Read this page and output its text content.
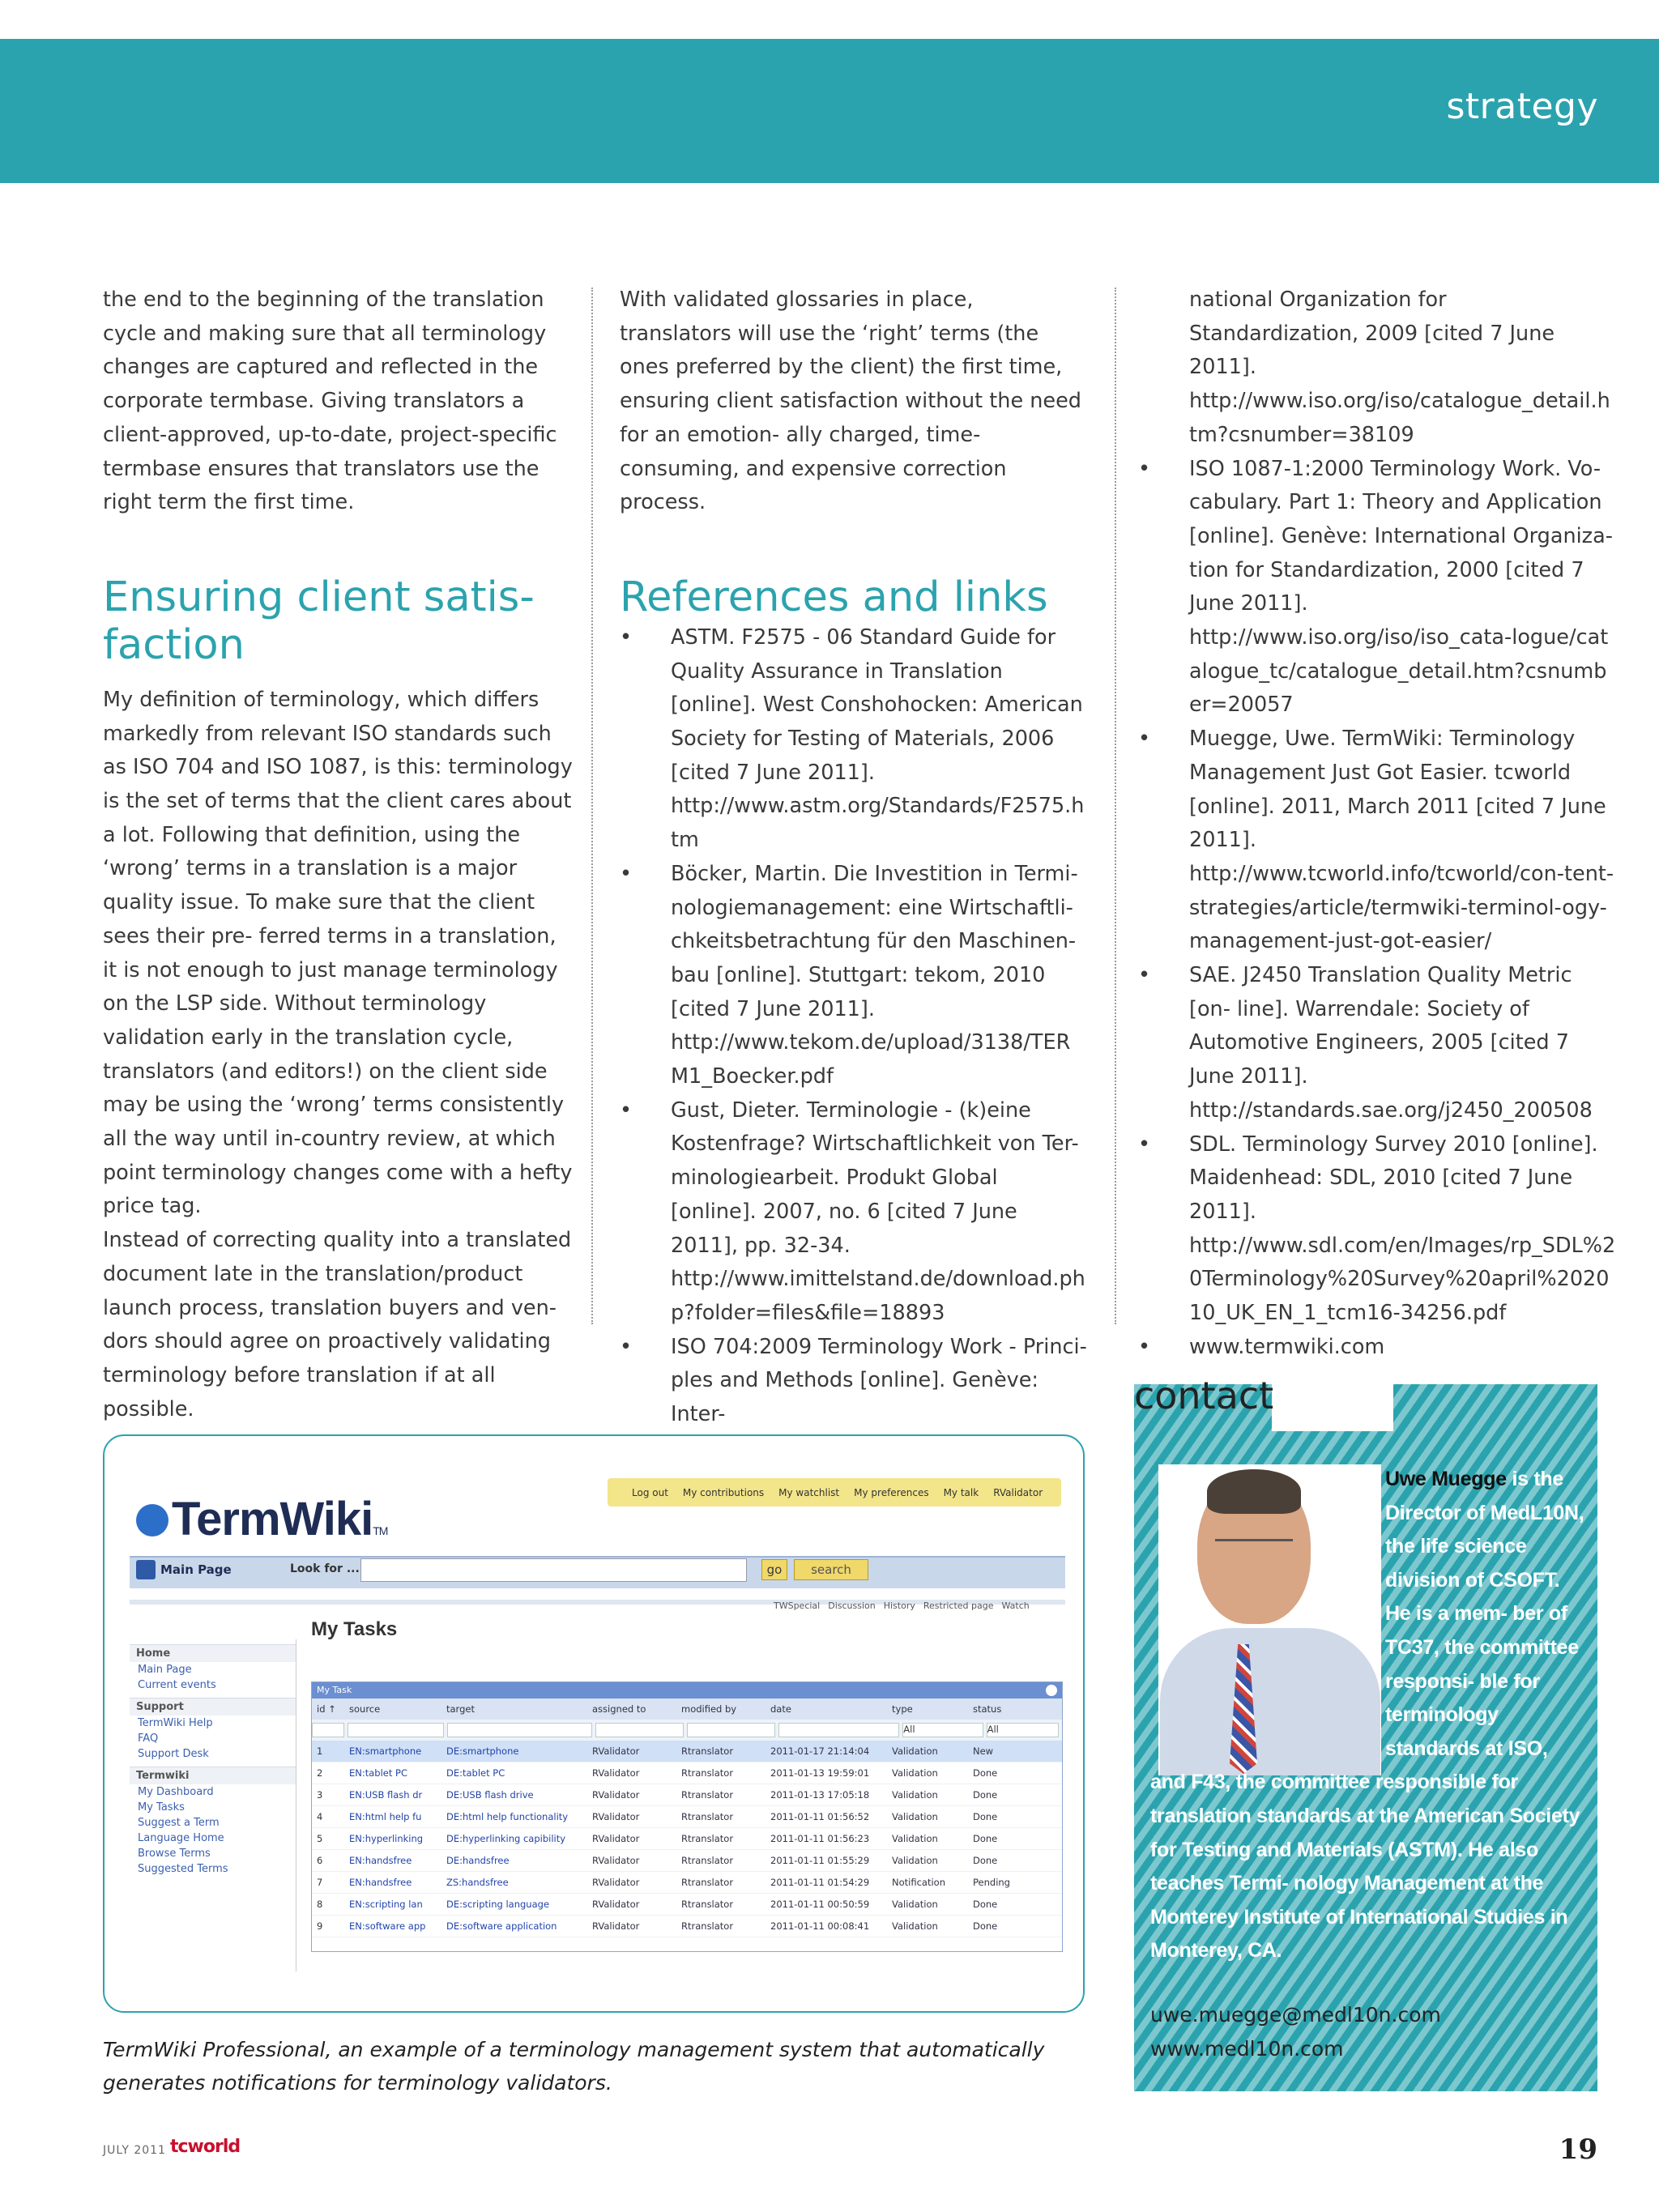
strategy

the end to the beginning of the translation cycle and making sure that all terminology changes are captured and reflected in the corporate termbase. Giving translators a client-approved, up-to-date, project-specific termbase ensures that translators use the right term the first time.

Ensuring client satis- faction

My definition of terminology, which differs markedly from relevant ISO standards such as ISO 704 and ISO 1087, is this: terminology is the set of terms that the client cares about a lot. Following that definition, using the ‘wrong’ terms in a translation is a major quality issue. To make sure that the client sees their pre- ferred terms in a translation, it is not enough to just manage terminology on the LSP side. Without terminology validation early in the translation cycle, translators (and editors!) on the client side may be using the ‘wrong’ terms consistently all the way until in-country review, at which point terminology changes come with a hefty price tag.

Instead of correcting quality into a translated document late in the translation/product launch process, translation buyers and ven- dors should agree on proactively validating terminology before translation if at all possible.

With validated glossaries in place, translators will use the ‘right’ terms (the ones preferred by the client) the first time, ensuring client satisfaction without the need for an emotion- ally charged, time-consuming, and expensive correction process.

References and links
• ASTM. F2575 - 06 Standard Guide for Quality Assurance in Translation [online]. West Conshohocken: American Society for Testing of Materials, 2006 [cited 7 June 2011].
http://www.astm.org/Standards/F2575.htm
• Böcker, Martin. Die Investition in Termi- nologiemanagement: eine Wirtschaftli- chkeitsbetrachtung für den Maschinen- bau [online]. Stuttgart: tekom, 2010 [cited 7 June 2011].
http://www.tekom.de/upload/3138/TERM1_Boecker.pdf
• Gust, Dieter. Terminologie - (k)eine Kostenfrage? Wirtschaftlichkeit von Ter- minologiearbeit. Produkt Global [online]. 2007, no. 6 [cited 7 June 2011], pp. 32-34.
http://www.imittelstand.de/download.php?folder=files&file=18893
• ISO 704:2009 Terminology Work - Princi- ples and Methods [online]. Genève: Inter-
national Organization for Standardization, 2009 [cited 7 June 2011].
http://www.iso.org/iso/catalogue_detail.htm?csnumber=38109
• ISO 1087-1:2000 Terminology Work. Vo- cabulary. Part 1: Theory and Application [online]. Genève: International Organiza- tion for Standardization, 2000 [cited 7 June 2011].
http://www.iso.org/iso/iso_cata-logue/catalogue_tc/catalogue_detail.htm?csnumber=20057
• Muegge, Uwe. TermWiki: Terminology Management Just Got Easier. tcworld [online]. 2011, March 2011 [cited 7 June 2011].
http://www.tcworld.info/tcworld/con-tent-strategies/article/termwiki-terminol-ogy-management-just-got-easier/
• SAE. J2450 Translation Quality Metric [on- line]. Warrendale: Society of Automotive Engineers, 2005 [cited 7 June 2011].
http://standards.sae.org/j2450_200508
• SDL. Terminology Survey 2010 [online]. Maidenhead: SDL, 2010 [cited 7 June 2011].
http://www.sdl.com/en/Images/rp_SDL%20Terminology%20Survey%20april%202010_UK_EN_1_tcm16-34256.pdf
• www.termwiki.com
Log out My contributions My watchlist My preferences My talk RValidator
TermWikiTM
Main Page	Look for ...	go	search
TWSpecial Discussion History Restricted page Watch
My Tasks
Home
Main Page
Current events
Support
TermWiki Help
FAQ
Support Desk
Termwiki
My Dashboard
My Tasks
Suggest a Term
Language Home
Browse Terms
Suggested Terms
My Task
id ↑	source	target	assigned to	modified by	date	type	status
All	All
1	EN:smartphone	DE:smartphone	RValidator	Rtranslator	2011-01-17 21:14:04	Validation	New
2	EN:tablet PC	DE:tablet PC	RValidator	Rtranslator	2011-01-13 19:59:01	Validation	Done
3	EN:USB flash dr	DE:USB flash drive	RValidator	Rtranslator	2011-01-13 17:05:18	Validation	Done
4	EN:html help fu	DE:html help functionality	RValidator	Rtranslator	2011-01-11 01:56:52	Validation	Done
5	EN:hyperlinking	DE:hyperlinking capibility	RValidator	Rtranslator	2011-01-11 01:56:23	Validation	Done
6	EN:handsfree	DE:handsfree	RValidator	Rtranslator	2011-01-11 01:55:29	Validation	Done
7	EN:handsfree	ZS:handsfree	RValidator	Rtranslator	2011-01-11 01:54:29	Notification	Pending
8	EN:scripting lan	DE:scripting language	RValidator	Rtranslator	2011-01-11 00:50:59	Validation	Done
9	EN:software app	DE:software application	RValidator	Rtranslator	2011-01-11 00:08:41	Validation	Done
TermWiki Professional, an example of a terminology management system that automatically generates notifications for terminology validators.
contact
Uwe Muegge is the Director of MedL10N, the life science division of CSOFT. He is a mem- ber of TC37, the committee responsi- ble for terminology standards at ISO, and F43, the committee responsible for translation standards at the American Society for Testing and Materials (ASTM). He also teaches Termi- nology Management at the Monterey Institute of International Studies in Monterey, CA.
uwe.muegge@medl10n.com
www.medl10n.com
JULY 2011 tcworld	19
